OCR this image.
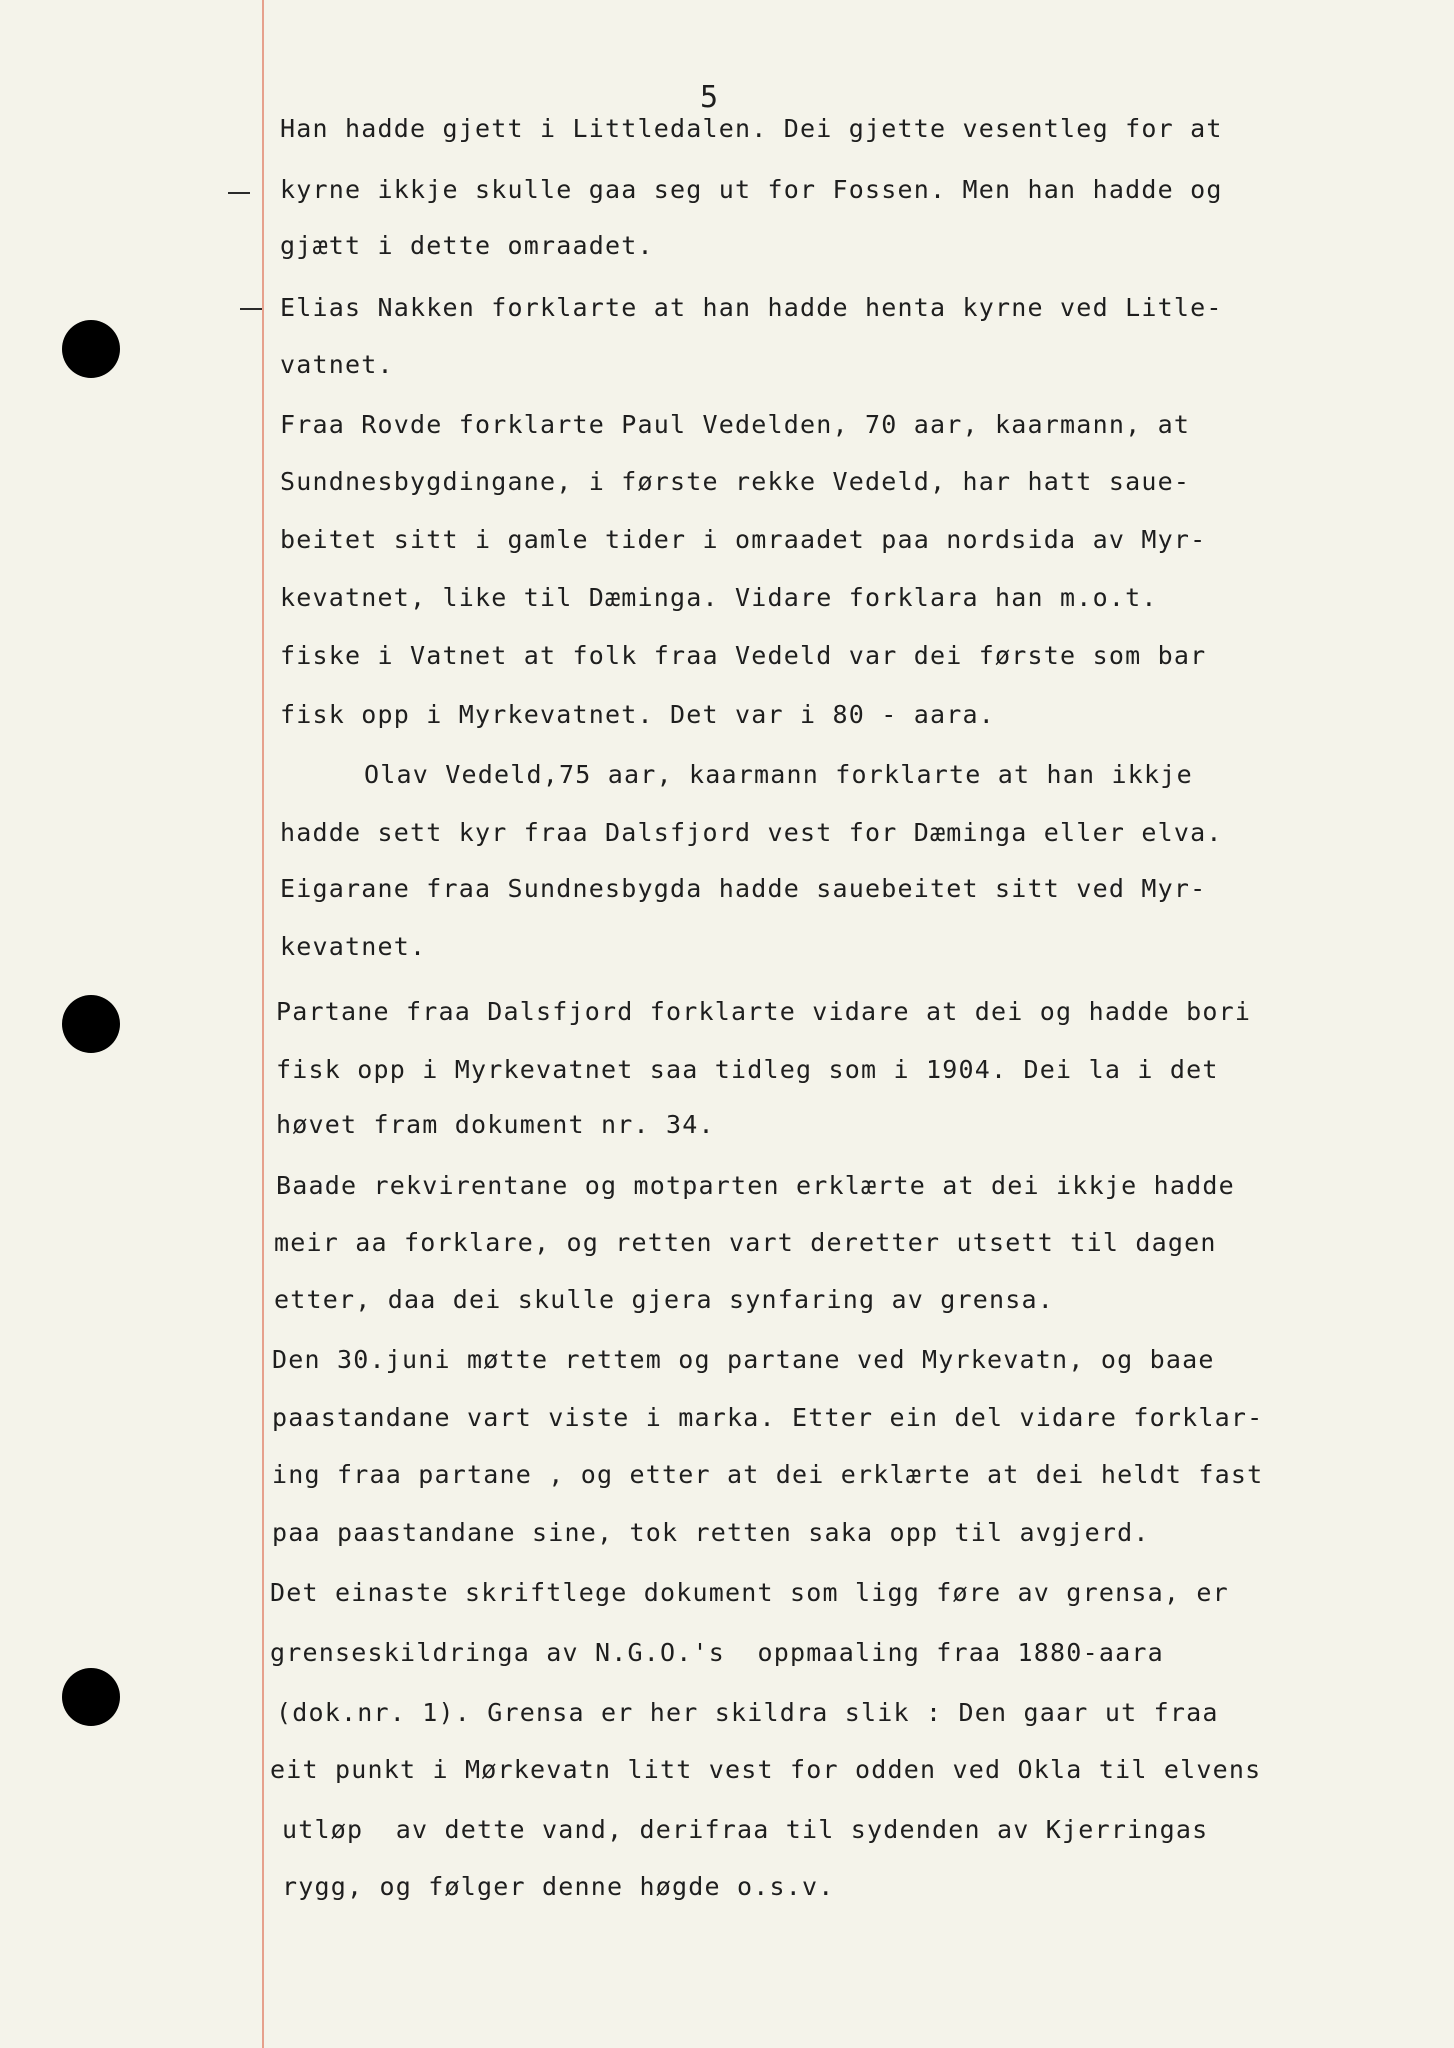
5
Han hadde gjett i Littledalen. Dei gjette vesentleg for at
kyrne ikkje skulle gaa seg ut for Fossen. Men han hadde og
gjætt i dette omraadet.
Elias Nakken forklarte at han hadde henta kyrne ved Litle-
vatnet.
Fraa Rovde forklarte Paul Vedelden, 70 aar, kaarmann, at
Sundnesbygdingane, i første rekke Vedeld, har hatt saue-
beitet sitt i gamle tider i omraadet paa nordsida av Myr-
kevatnet, like til Dæminga. Vidare forklara han m.o.t.
fiske i Vatnet at folk fraa Vedeld var dei første som bar
fisk opp i Myrkevatnet. Det var i 80 - aara.
Olav Vedeld,75 aar, kaarmann forklarte at han ikkje
hadde sett kyr fraa Dalsfjord vest for Dæminga eller elva.
Eigarane fraa Sundnesbygda hadde sauebeitet sitt ved Myr-
kevatnet.
Partane fraa Dalsfjord forklarte vidare at dei og hadde bori
fisk opp i Myrkevatnet saa tidleg som i 1904. Dei la i det
høvet fram dokument nr. 34.
Baade rekvirentane og motparten erklærte at dei ikkje hadde
meir aa forklare, og retten vart deretter utsett til dagen
etter, daa dei skulle gjera synfaring av grensa.
Den 30.juni møtte rettem og partane ved Myrkevatn, og baae
paastandane vart viste i marka. Etter ein del vidare forklar-
ing fraa partane , og etter at dei erklærte at dei heldt fast
paa paastandane sine, tok retten saka opp til avgjerd.
Det einaste skriftlege dokument som ligg føre av grensa, er
grenseskildringa av N.G.O.'s  oppmaaling fraa 1880-aara
(dok.nr. 1). Grensa er her skildra slik : Den gaar ut fraa
eit punkt i Mørkevatn litt vest for odden ved Okla til elvens
utløp  av dette vand, derifraa til sydenden av Kjerringas
rygg, og følger denne høgde o.s.v.
